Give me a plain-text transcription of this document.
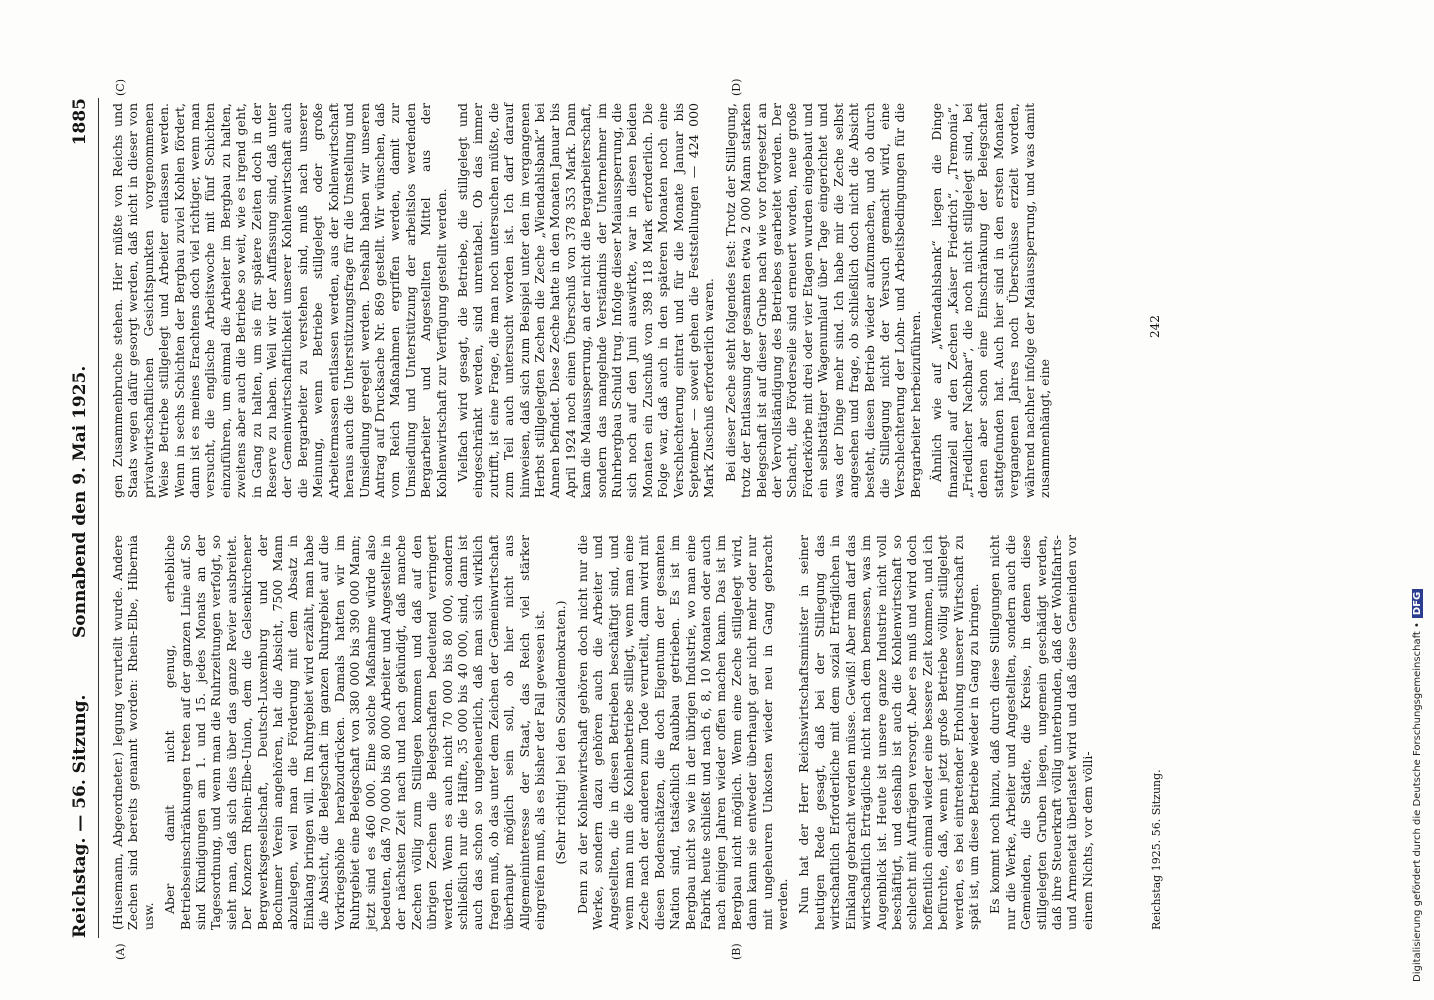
Reichstag. — 56. Sitzung.
Sonnabend den 9. Mai 1925.
1885
(A)	(B)
(C)	(D)

(Husemann, Abgeordneter.) legung verurteilt wurde. Andere Zechen sind bereits genannt worden: Rhein-Elbe, Hibernia usw.

Aber damit nicht genug, erhebliche Betriebseinschränkungen treten auf der ganzen Linie auf. So sind Kündigungen am 1. und 15. jedes Monats an der Tagesordnung, und wenn man die Ruhrzeitungen verfolgt, so sieht man, daß sich dies über das ganze Revier ausbreitet. Der Konzern Rhein-Elbe-Union, dem die Gelsenkirchener Bergwerksgesellschaft, Deutsch-Luxemburg und der Bochumer Verein angehören, hat die Absicht, 7500 Mann abzulegen, weil man die Förderung mit dem Absatz in Einklang bringen will. Im Ruhrgebiet wird erzählt, man habe die Absicht, die Belegschaft im ganzen Ruhrgebiet auf die Vorkriegshöhe herabzudrücken. Damals hatten wir im Ruhrgebiet eine Belegschaft von 380 000 bis 390 000 Mann; jetzt sind es 460 000. Eine solche Maßnahme würde also bedeuten, daß 70 000 bis 80 000 Arbeiter und Angestellte in der nächsten Zeit nach und nach gekündigt, daß manche Zechen völlig zum Stillegen kommen und daß auf den übrigen Zechen die Belegschaften bedeutend verringert werden. Wenn es auch nicht 70 000 bis 80 000, sondern schließlich nur die Hälfte, 35 000 bis 40 000, sind, dann ist auch das schon so ungeheuerlich, daß man sich wirklich fragen muß, ob das unter dem Zeichen der Gemeinwirtschaft überhaupt möglich sein soll, ob hier nicht aus Allgemeininteresse der Staat, das Reich viel stärker eingreifen muß, als es bisher der Fall gewesen ist. (Sehr richtig! bei den Sozialdemokraten.) Denn zu der Kohlenwirtschaft gehören doch nicht nur die Werke, sondern dazu gehören auch die Arbeiter und Angestellten, die in diesen Betrieben beschäftigt sind, und wenn man nun die Kohlenbetriebe stillegt, wenn man eine Zeche nach der anderen zum Tode verurteilt, dann wird mit diesen Bodenschätzen, die doch Eigentum der gesamten Nation sind, tatsächlich Raubbau getrieben. Es ist im Bergbau nicht so wie in der übrigen Industrie, wo man eine Fabrik heute schließt und nach 6, 8, 10 Monaten oder auch nach einigen Jahren wieder offen machen kann. Das ist im Bergbau nicht möglich. Wenn eine Zeche stillgelegt wird, dann kann sie entweder überhaupt gar nicht mehr oder nur mit ungeheuren Unkosten wieder neu in Gang gebracht werden. Nun hat der Herr Reichswirtschaftsminister in seiner heutigen Rede gesagt, daß bei der Stillegung das wirtschaftlich Erforderliche mit dem sozial Erträglichen in Einklang gebracht werden müsse. Gewiß! Aber man darf das wirtschaftlich Erträgliche nicht nach dem bemessen, was im Augenblick ist. Heute ist unsere ganze Industrie nicht voll beschäftigt, und deshalb ist auch die Kohlenwirtschaft so schlecht mit Aufträgen versorgt. Aber es muß und wird doch hoffentlich einmal wieder eine bessere Zeit kommen, und ich befürchte, daß, wenn jetzt große Betriebe völlig stillgelegt werden, es bei eintretender Erholung unserer Wirtschaft zu spät ist, um diese Betriebe wieder in Gang zu bringen. Es kommt noch hinzu, daß durch diese Stillegungen nicht nur die Werke, Arbeiter und Angestellten, sondern auch die Gemeinden, die Städte, die Kreise, in denen diese stillgelegten Gruben liegen, ungemein geschädigt werden, daß ihre Steuerkraft völlig unterbunden, daß der Wohlfahrts- und Armenetat überlastet wird und daß diese Gemeinden vor einem Nichts, vor dem völli-

gen Zusammenbruche stehen. Hier müßte von Reichs und Staats wegen dafür gesorgt werden, daß nicht in dieser von privatwirtschaftlichen Gesichtspunkten vorgenommenen Weise Betriebe stillgelegt und Arbeiter entlassen werden. Wenn in sechs Schichten der Bergbau zuviel Kohlen fördert, dann ist es meines Erachtens doch viel richtiger, wenn man versucht, die englische Arbeitswoche mit fünf Schichten einzuführen, um einmal die Arbeiter im Bergbau zu halten, zweitens aber auch die Betriebe so weit, wie es irgend geht, in Gang zu halten, um sie für spätere Zeiten doch in der Reserve zu haben. Weil wir der Auffassung sind, daß unter der Gemeinwirtschaftlichkeit unserer Kohlenwirtschaft auch die Bergarbeiter zu verstehen sind, muß nach unserer Meinung, wenn Betriebe stillgelegt oder große Arbeitermassen entlassen werden, aus der Kohlenwirtschaft heraus auch die Unterstützungsfrage für die Umstellung und Umsiedlung geregelt werden. Deshalb haben wir unseren Antrag auf Drucksache Nr. 869 gestellt. Wir wünschen, daß vom Reich Maßnahmen ergriffen werden, damit zur Umsiedlung und Unterstützung der arbeitslos werdenden Bergarbeiter und Angestellten Mittel aus der Kohlenwirtschaft zur Verfügung gestellt werden. Vielfach wird gesagt, die Betriebe, die stillgelegt und eingeschränkt werden, sind unrentabel. Ob das immer zutrifft, ist eine Frage, die man noch untersuchen müßte, die zum Teil auch untersucht worden ist. Ich darf darauf hinweisen, daß sich zum Beispiel unter den im vergangenen Herbst stillgelegten Zechen die Zeche „Wiendahlsbank“ bei Annen befindet. Diese Zeche hatte in den Monaten Januar bis April 1924 noch einen Überschuß von 378 353 Mark. Dann kam die Maiaussperrung, an der nicht die Bergarbeiterschaft, sondern das mangelnde Verständnis der Unternehmer im Ruhrbergbau Schuld trug. Infolge dieser Maiaussperrung, die sich noch auf den Juni auswirkte, war in diesen beiden Monaten ein Zuschuß von 398 118 Mark erforderlich. Die Folge war, daß auch in den späteren Monaten noch eine Verschlechterung eintrat und für die Monate Januar bis September — soweit gehen die Feststellungen — 424 000 Mark Zuschuß erforderlich waren. Bei dieser Zeche steht folgendes fest: Trotz der Stillegung, trotz der Entlassung der gesamten etwa 2 000 Mann starken Belegschaft ist auf dieser Grube nach wie vor fortgesetzt an der Vervollständigung des Betriebes gearbeitet worden. Der Schacht, die Förderseile sind erneuert worden, neue große Förderkörbe mit drei oder vier Etagen wurden eingebaut und ein selbsttätiger Wagenumlauf über Tage eingerichtet und was der Dinge mehr sind. Ich habe mir die Zeche selbst angesehen und frage, ob schließlich doch nicht die Absicht besteht, diesen Betrieb wieder aufzumachen, und ob durch die Stillegung nicht der Versuch gemacht wird, eine Verschlechterung der Lohn- und Arbeitsbedingungen für die Bergarbeiter herbeizuführen. Ähnlich wie auf „Wiendahlsbank“ liegen die Dinge finanziell auf den Zechen „Kaiser Friedrich“, „Tremonia“, „Friedlicher Nachbar“, die noch nicht stillgelegt sind, bei denen aber schon eine Einschränkung der Belegschaft stattgefunden hat. Auch hier sind in den ersten Monaten vergangenen Jahres noch Überschüsse erzielt worden, während nachher infolge der Maiaussperrung, und was damit zusammenhängt, eine

Reichstag 1925. 56. Sitzung.
242
Digitalisierung gefördert durch die Deutsche Forschungsgemeinschaft •DFG
